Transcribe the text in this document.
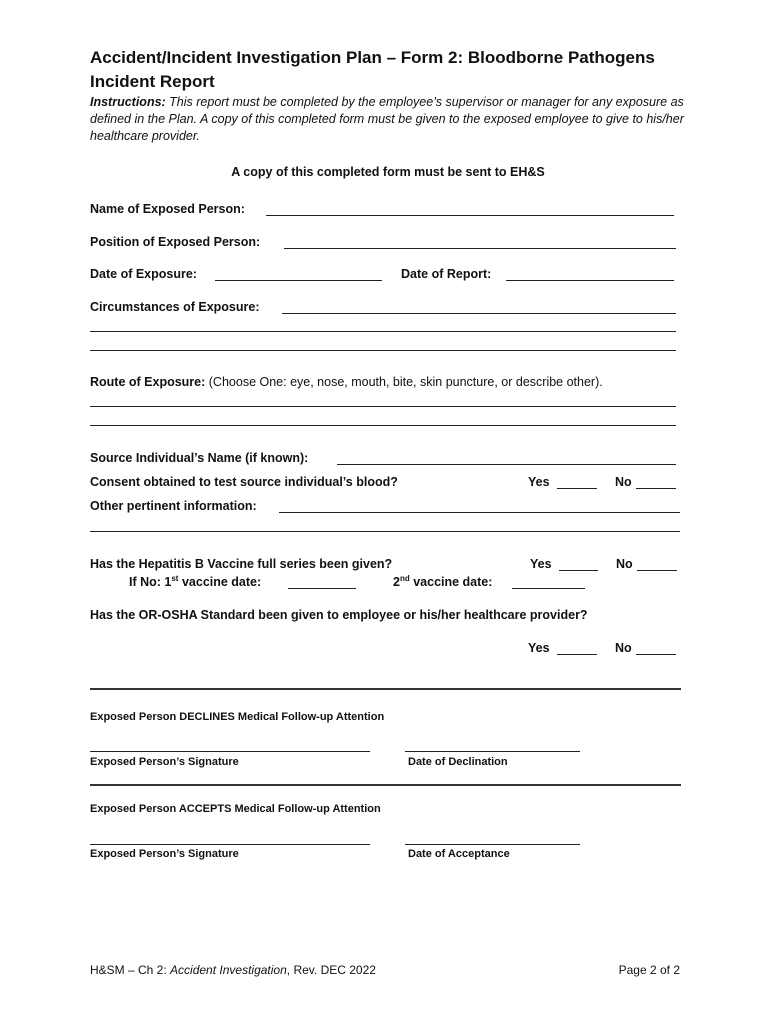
Accident/Incident Investigation Plan – Form 2: Bloodborne Pathogens Incident Report
Instructions: This report must be completed by the employee’s supervisor or manager for any exposure as defined in the Plan. A copy of this completed form must be given to the exposed employee to give to his/her healthcare provider.
A copy of this completed form must be sent to EH&S
Name of Exposed Person:
Position of Exposed Person:
Date of Exposure:	Date of Report:
Circumstances of Exposure:
Route of Exposure: (Choose One: eye, nose, mouth, bite, skin puncture, or describe other).
Source Individual’s Name (if known):
Consent obtained to test source individual’s blood?	Yes	No
Other pertinent information:
Has the Hepatitis B Vaccine full series been given?	Yes	No
If No: 1st vaccine date:	2nd vaccine date:
Has the OR-OSHA Standard been given to employee or his/her healthcare provider?
Yes	No
Exposed Person DECLINES Medical Follow-up Attention
Exposed Person’s Signature	Date of Declination
Exposed Person ACCEPTS Medical Follow-up Attention
Exposed Person’s Signature	Date of Acceptance
H&SM – Ch 2: Accident Investigation, Rev. DEC 2022	Page 2 of 2
